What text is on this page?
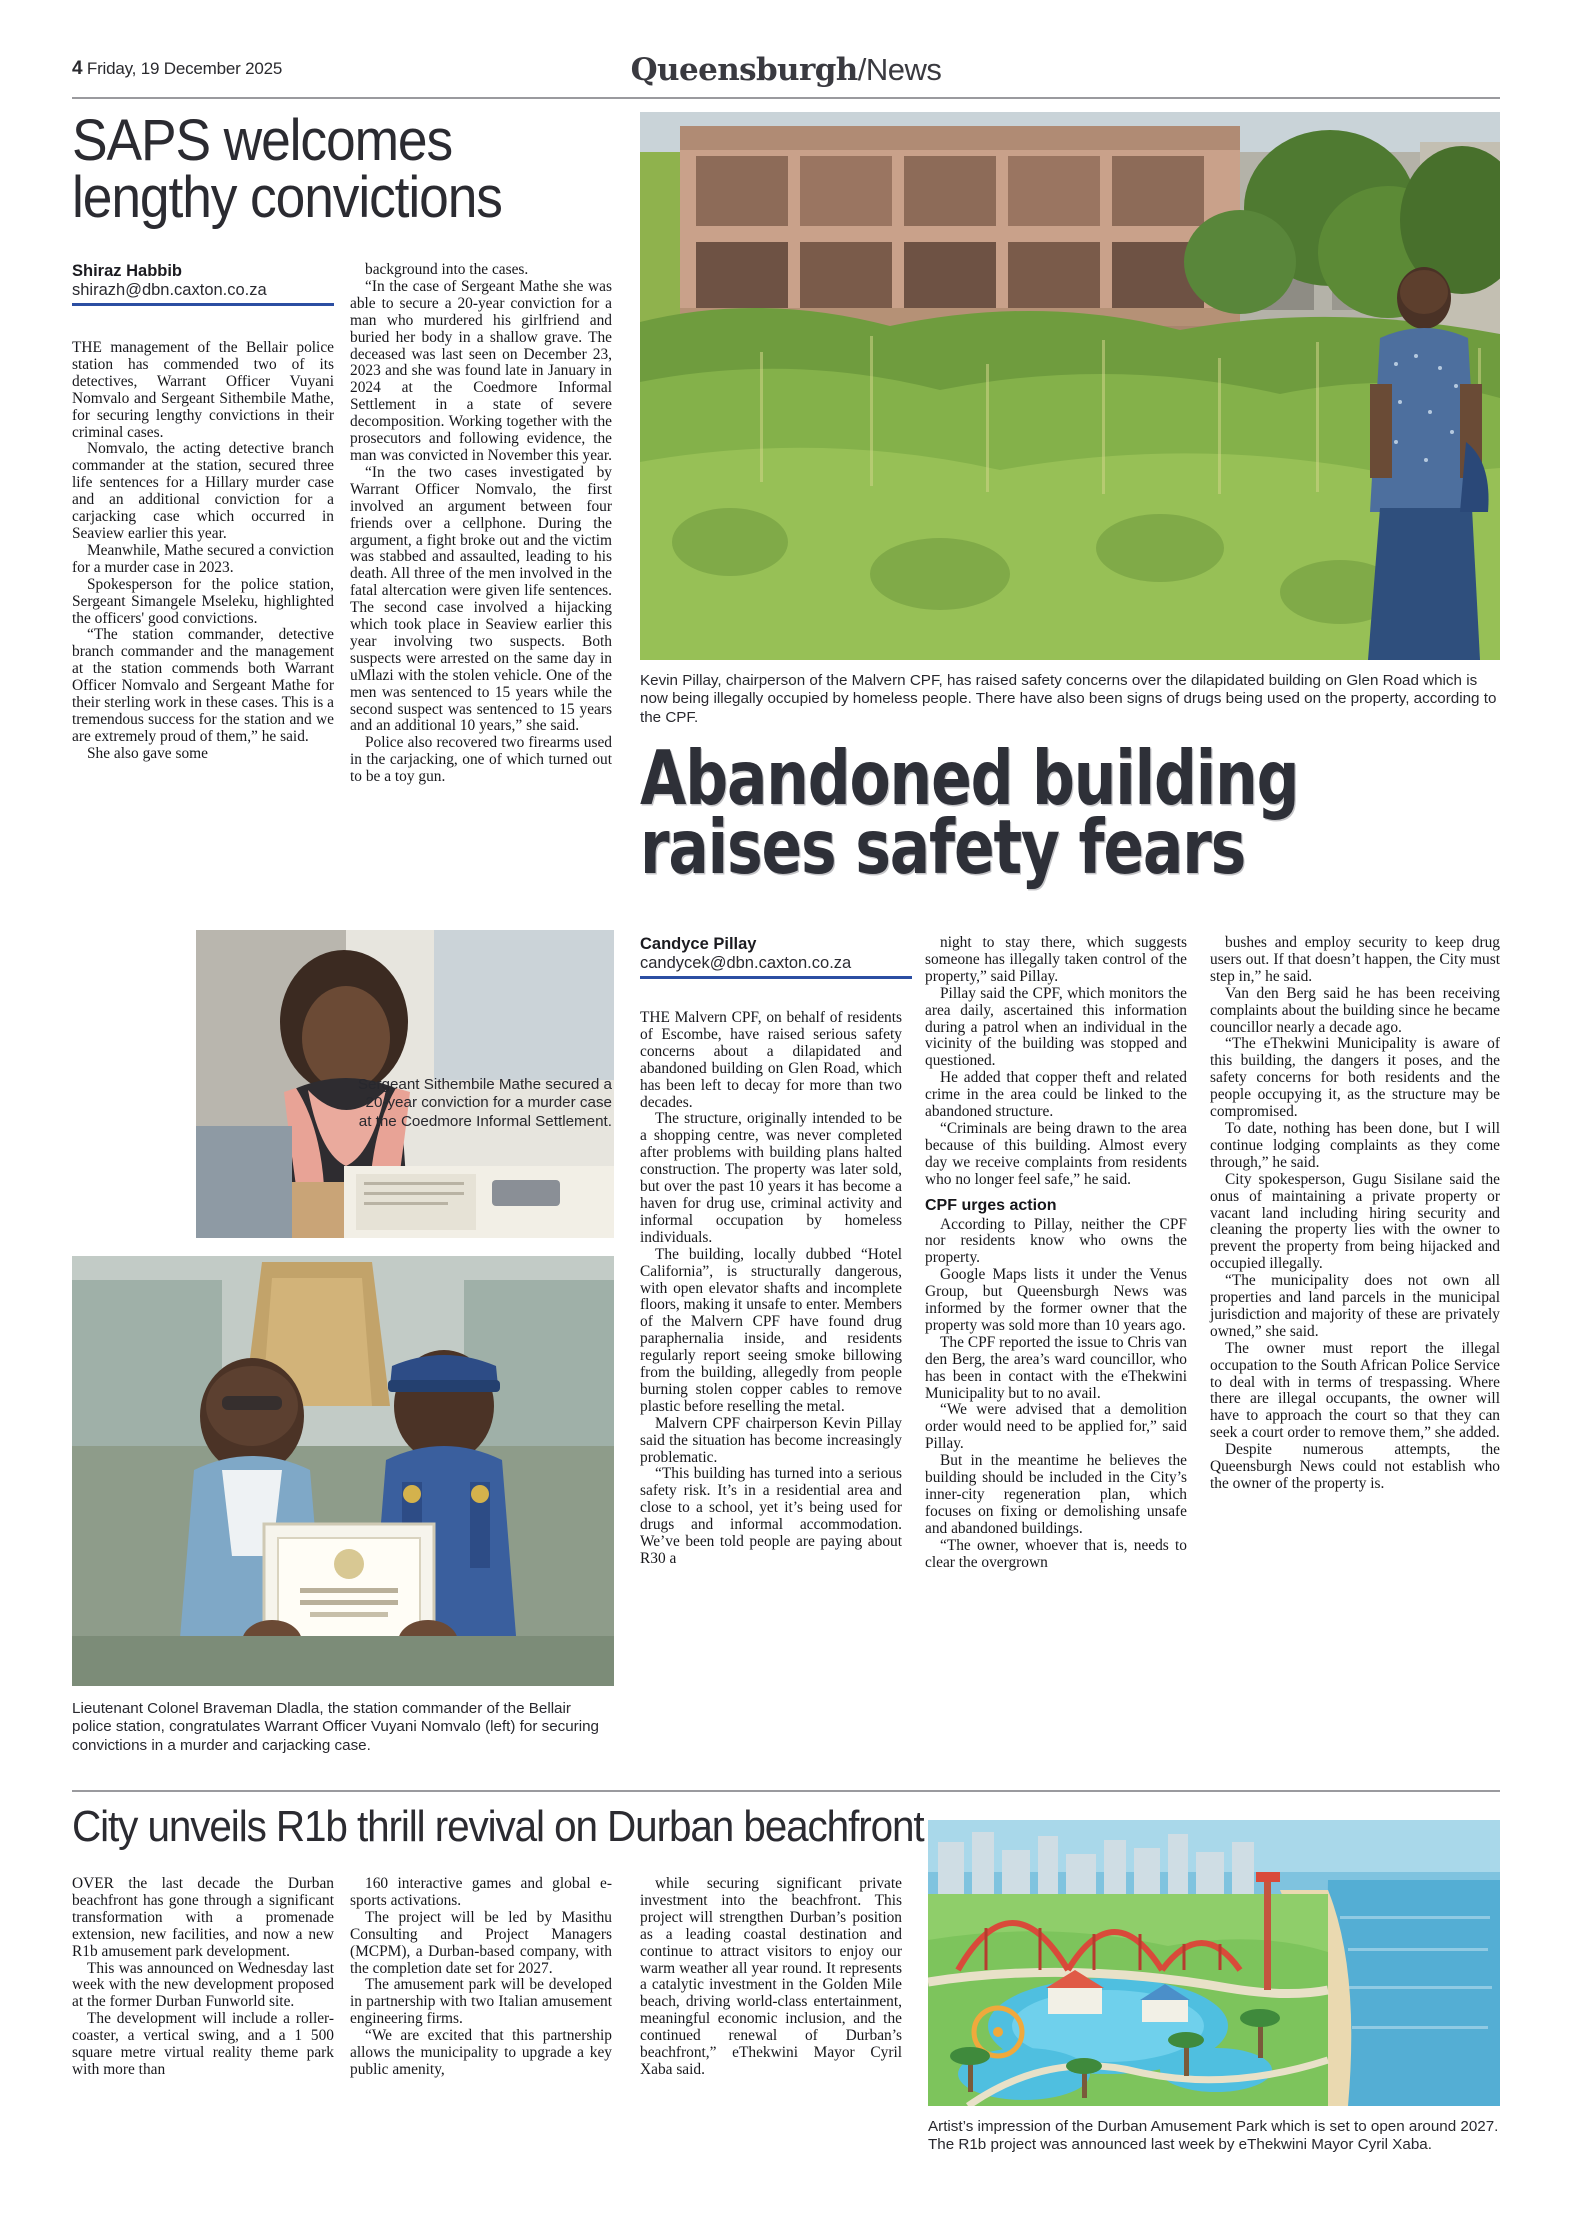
4 Friday, 19 December 2025	Queensburgh/News
SAPS welcomes
lengthy convictions
Shiraz Habbib
shirazh@dbn.caxton.co.za

THE management of the Bellair police station has commended two of its detectives, Warrant Officer Vuyani Nomvalo and Sergeant Sithembile Mathe, for securing lengthy convictions in their criminal cases.

Nomvalo, the acting detective branch commander at the station, secured three life sentences for a Hillary murder case and an additional conviction for a carjacking case which occurred in Seaview earlier this year.

Meanwhile, Mathe secured a conviction for a murder case in 2023.

Spokesperson for the police station, Sergeant Simangele Mseleku, highlighted the officers' good convictions.

“The station commander, detective branch commander and the management at the station commends both Warrant Officer Nomvalo and Sergeant Mathe for their sterling work in these cases. This is a tremendous success for the station and we are extremely proud of them,” he said.

She also gave some

background into the cases.

“In the case of Sergeant Mathe she was able to secure a 20-year conviction for a man who murdered his girlfriend and buried her body in a shallow grave. The deceased was last seen on December 23, 2023 and she was found late in January in 2024 at the Coedmore Informal Settlement in a state of severe decomposition. Working together with the prosecutors and following evidence, the man was convicted in November this year.

“In the two cases investigated by Warrant Officer Nomvalo, the first involved an argument between four friends over a cellphone. During the argument, a fight broke out and the victim was stabbed and assaulted, leading to his death. All three of the men involved in the fatal altercation were given life sentences. The second case involved a hijacking which took place in Seaview earlier this year involving two suspects. Both suspects were arrested on the same day in uMlazi with the stolen vehicle. One of the men was sentenced to 15 years while the second suspect was sentenced to 15 years and an additional 10 years,” she said.

Police also recovered two firearms used in the carjacking, one of which turned out to be a toy gun.

Sergeant Sithembile Mathe secured a 20-year conviction for a murder case at the Coedmore Informal Settlement.
Lieutenant Colonel Braveman Dladla, the station commander of the Bellair police station, congratulates Warrant Officer Vuyani Nomvalo (left) for securing convictions in a murder and carjacking case.
Kevin Pillay, chairperson of the Malvern CPF, has raised safety concerns over the dilapidated building on Glen Road which is now being illegally occupied by homeless people. There have also been signs of drugs being used on the property, according to the CPF.
Abandoned building
raises safety fears
Candyce Pillay
candycek@dbn.caxton.co.za

THE Malvern CPF, on behalf of residents of Escombe, have raised serious safety concerns about a dilapidated and abandoned building on Glen Road, which has been left to decay for more than two decades.

The structure, originally intended to be a shopping centre, was never completed after problems with building plans halted construction. The property was later sold, but over the past 10 years it has become a haven for drug use, criminal activity and informal occupation by homeless individuals.

The building, locally dubbed “Hotel California”, is structurally dangerous, with open elevator shafts and incomplete floors, making it unsafe to enter. Members of the Malvern CPF have found drug paraphernalia inside, and residents regularly report seeing smoke billowing from the building, allegedly from people burning stolen copper cables to remove plastic before reselling the metal.

Malvern CPF chairperson Kevin Pillay said the situation has become increasingly problematic.

“This building has turned into a serious safety risk. It’s in a residential area and close to a school, yet it’s being used for drugs and informal accommodation. We’ve been told people are paying about R30 a

night to stay there, which suggests someone has illegally taken control of the property,” said Pillay.

Pillay said the CPF, which monitors the area daily, ascertained this information during a patrol when an individual in the vicinity of the building was stopped and questioned.

He added that copper theft and related crime in the area could be linked to the abandoned structure.

“Criminals are being drawn to the area because of this building. Almost every day we receive complaints from residents who no longer feel safe,” he said.

CPF urges action

According to Pillay, neither the CPF nor residents know who owns the property.

Google Maps lists it under the Venus Group, but Queensburgh News was informed by the former owner that the property was sold more than 10 years ago.

The CPF reported the issue to Chris van den Berg, the area’s ward councillor, who has been in contact with the eThekwini Municipality but to no avail.

“We were advised that a demolition order would need to be applied for,” said Pillay.

But in the meantime he believes the building should be included in the City’s inner-city regeneration plan, which focuses on fixing or demolishing unsafe and abandoned buildings.

“The owner, whoever that is, needs to clear the overgrown

bushes and employ security to keep drug users out. If that doesn’t happen, the City must step in,” he said.

Van den Berg said he has been receiving complaints about the building since he became councillor nearly a decade ago.

“The eThekwini Municipality is aware of this building, the dangers it poses, and the safety concerns for both residents and the people occupying it, as the structure may be compromised.

To date, nothing has been done, but I will continue lodging complaints as they come through,” he said.

City spokesperson, Gugu Sisilane said the onus of maintaining a private property or vacant land including hiring security and cleaning the property lies with the owner to prevent the property from being hijacked and occupied illegally.

“The municipality does not own all properties and land parcels in the municipal jurisdiction and majority of these are privately owned,” she said.

The owner must report the illegal occupation to the South African Police Service to deal with in terms of trespassing. Where there are illegal occupants, the owner will have to approach the court so that they can seek a court order to remove them,” she added.

Despite numerous attempts, the Queensburgh News could not establish who the owner of the property is.

City unveils R1b thrill revival on Durban beachfront

OVER the last decade the Durban beachfront has gone through a significant transformation with a promenade extension, new facilities, and now a new R1b amusement park development.

This was announced on Wednesday last week with the new development proposed at the former Durban Funworld site.

The development will include a roller-coaster, a vertical swing, and a 1 500 square metre virtual reality theme park with more than

160 interactive games and global e-sports activations.

The project will be led by Masithu Consulting and Project Managers (MCPM), a Durban-based company, with the completion date set for 2027.

The amusement park will be developed in partnership with two Italian amusement engineering firms.

“We are excited that this partnership allows the municipality to upgrade a key public amenity,

while securing significant private investment into the beachfront. This project will strengthen Durban’s position as a leading coastal destination and continue to attract visitors to enjoy our warm weather all year round. It represents a catalytic investment in the Golden Mile beach, driving world-class entertainment, meaningful economic inclusion, and the continued renewal of Durban’s beachfront,” eThekwini Mayor Cyril Xaba said.

Artist’s impression of the Durban Amusement Park which is set to open around 2027. The R1b project was announced last week by eThekwini Mayor Cyril Xaba.
